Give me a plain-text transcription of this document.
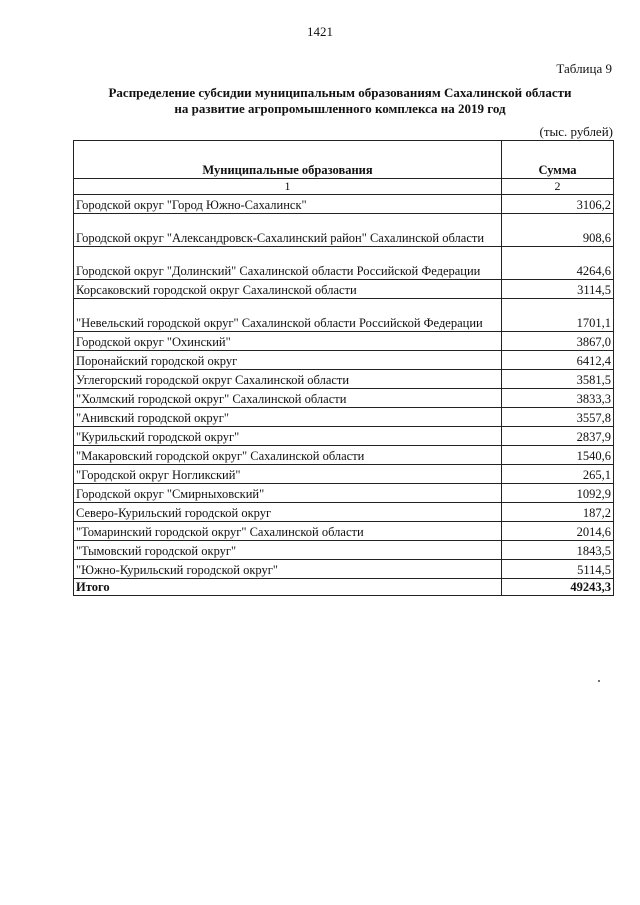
1421
Таблица 9
Распределение субсидии муниципальным образованиям Сахалинской области
на развитие агропромышленного комплекса на 2019 год
(тыс. рублей)
Муниципальные образования	Сумма
1	2
Городской округ "Город Южно-Сахалинск"	3106,2
Городской округ "Александровск-Сахалинский район" Сахалинской области	908,6
Городской округ "Долинский" Сахалинской области Российской Федерации	4264,6
Корсаковский городской округ Сахалинской области	3114,5
"Невельский городской округ" Сахалинской области Российской Федерации	1701,1
Городской округ "Охинский"	3867,0
Поронайский городской округ	6412,4
Углегорский городской округ Сахалинской области	3581,5
"Холмский городской округ" Сахалинской области	3833,3
"Анивский городской округ"	3557,8
"Курильский городской округ"	2837,9
"Макаровский городской округ" Сахалинской области	1540,6
"Городской округ Ногликский"	265,1
Городской округ "Смирныховский"	1092,9
Северо-Курильский городской округ	187,2
"Томаринский городской округ" Сахалинской области	2014,6
"Тымовский городской округ"	1843,5
"Южно-Курильский городской округ"	5114,5
Итого	49243,3
